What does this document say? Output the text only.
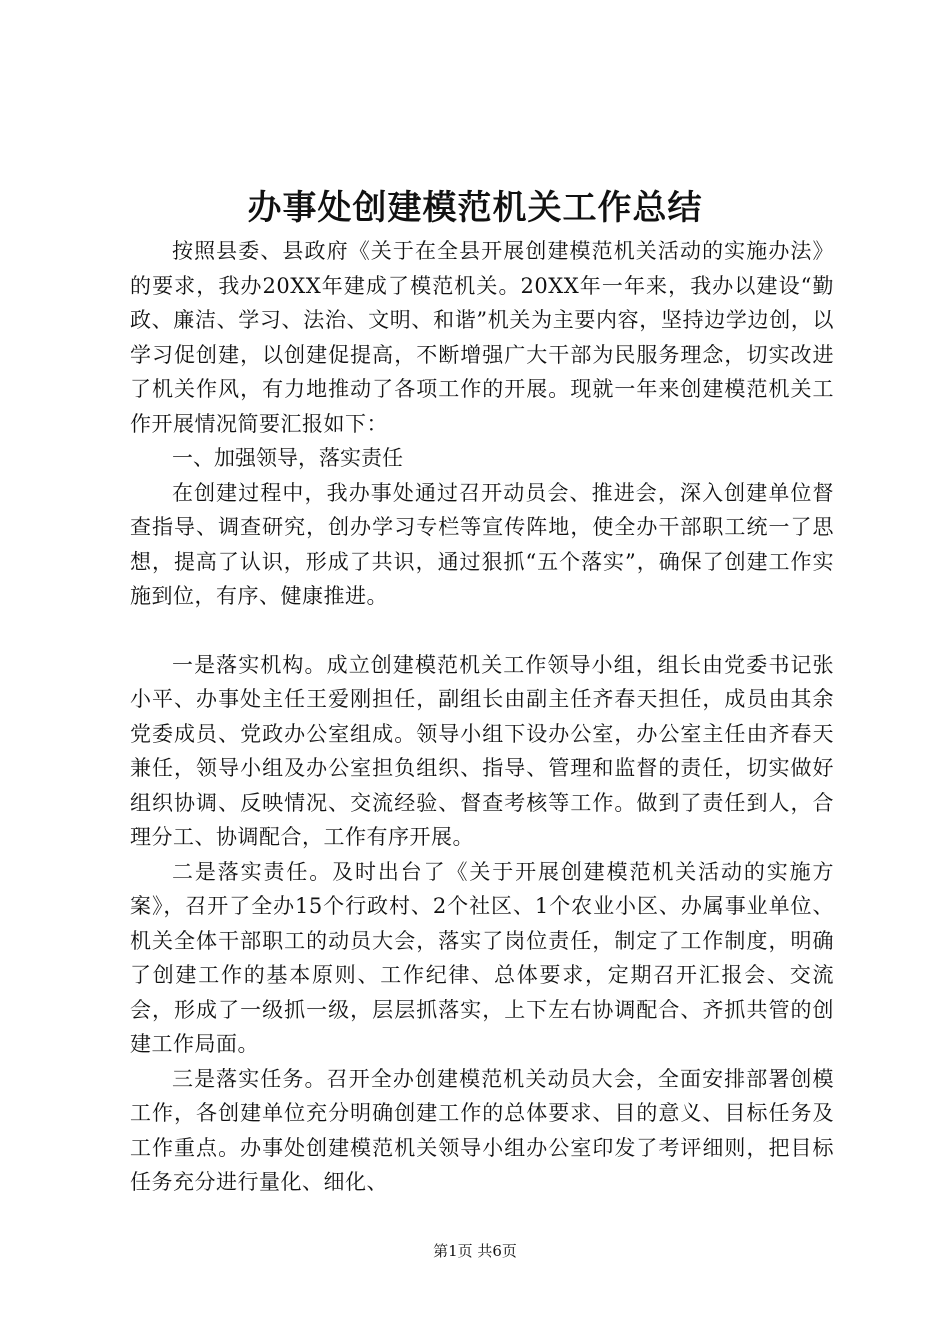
办事处创建模范机关工作总结

按照县委、县政府《关于在全县开展创建模范机关活动的实施办法》的要求，我办20XX年建成了模范机关。20XX年一年来，我办以建设“勤政、廉洁、学习、法治、文明、和谐”机关为主要内容，坚持边学边创，以学习促创建，以创建促提高，不断增强广大干部为民服务理念，切实改进了机关作风，有力地推动了各项工作的开展。现就一年来创建模范机关工作开展情况简要汇报如下：

一、加强领导，落实责任

在创建过程中，我办事处通过召开动员会、推进会，深入创建单位督查指导、调查研究，创办学习专栏等宣传阵地，使全办干部职工统一了思想，提高了认识，形成了共识，通过狠抓“五个落实”，确保了创建工作实施到位，有序、健康推进。

一是落实机构。成立创建模范机关工作领导小组，组长由党委书记张小平、办事处主任王爱刚担任，副组长由副主任齐春天担任，成员由其余党委成员、党政办公室组成。领导小组下设办公室，办公室主任由齐春天兼任，领导小组及办公室担负组织、指导、管理和监督的责任，切实做好组织协调、反映情况、交流经验、督查考核等工作。做到了责任到人，合理分工、协调配合，工作有序开展。

二是落实责任。及时出台了《关于开展创建模范机关活动的实施方案》，召开了全办15个行政村、2个社区、1个农业小区、办属事业单位、机关全体干部职工的动员大会，落实了岗位责任，制定了工作制度，明确了创建工作的基本原则、工作纪律、总体要求，定期召开汇报会、交流会，形成了一级抓一级，层层抓落实，上下左右协调配合、齐抓共管的创建工作局面。

三是落实任务。召开全办创建模范机关动员大会，全面安排部署创模工作，各创建单位充分明确创建工作的总体要求、目的意义、目标任务及工作重点。办事处创建模范机关领导小组办公室印发了考评细则，把目标任务充分进行量化、细化、

第1页 共6页
